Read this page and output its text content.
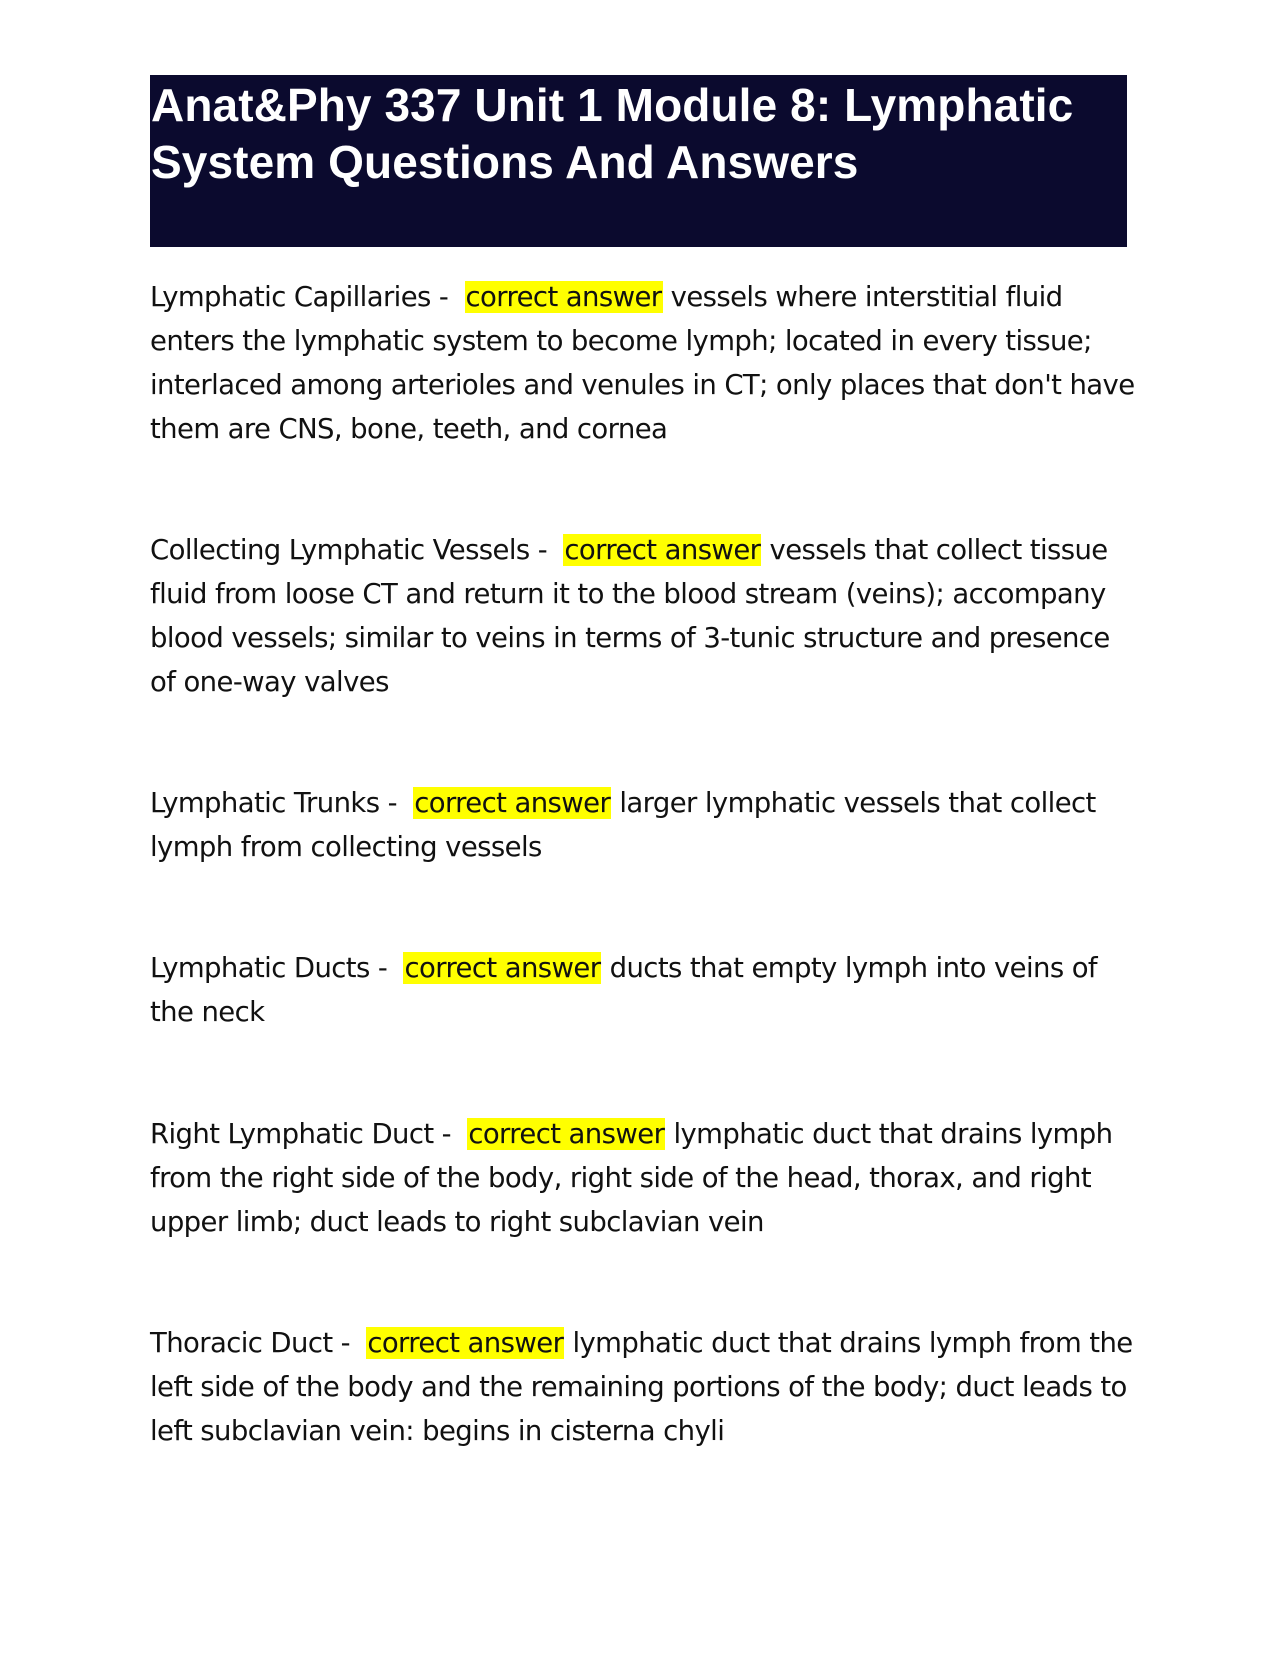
Anat&Phy 337 Unit 1 Module 8: Lymphatic System Questions And Answers

Lymphatic Capillaries - correct answer vessels where interstitial fluid enters the lymphatic system to become lymph; located in every tissue; interlaced among arterioles and venules in CT; only places that don't have them are CNS, bone, teeth, and cornea

Collecting Lymphatic Vessels - correct answer vessels that collect tissue fluid from loose CT and return it to the blood stream (veins); accompany blood vessels; similar to veins in terms of 3-tunic structure and presence of one-way valves

Lymphatic Trunks - correct answer larger lymphatic vessels that collect lymph from collecting vessels

Lymphatic Ducts - correct answer ducts that empty lymph into veins of the neck

Right Lymphatic Duct - correct answer lymphatic duct that drains lymph from the right side of the body, right side of the head, thorax, and right upper limb; duct leads to right subclavian vein

Thoracic Duct - correct answer lymphatic duct that drains lymph from the left side of the body and the remaining portions of the body; duct leads to left subclavian vein: begins in cisterna chyli
